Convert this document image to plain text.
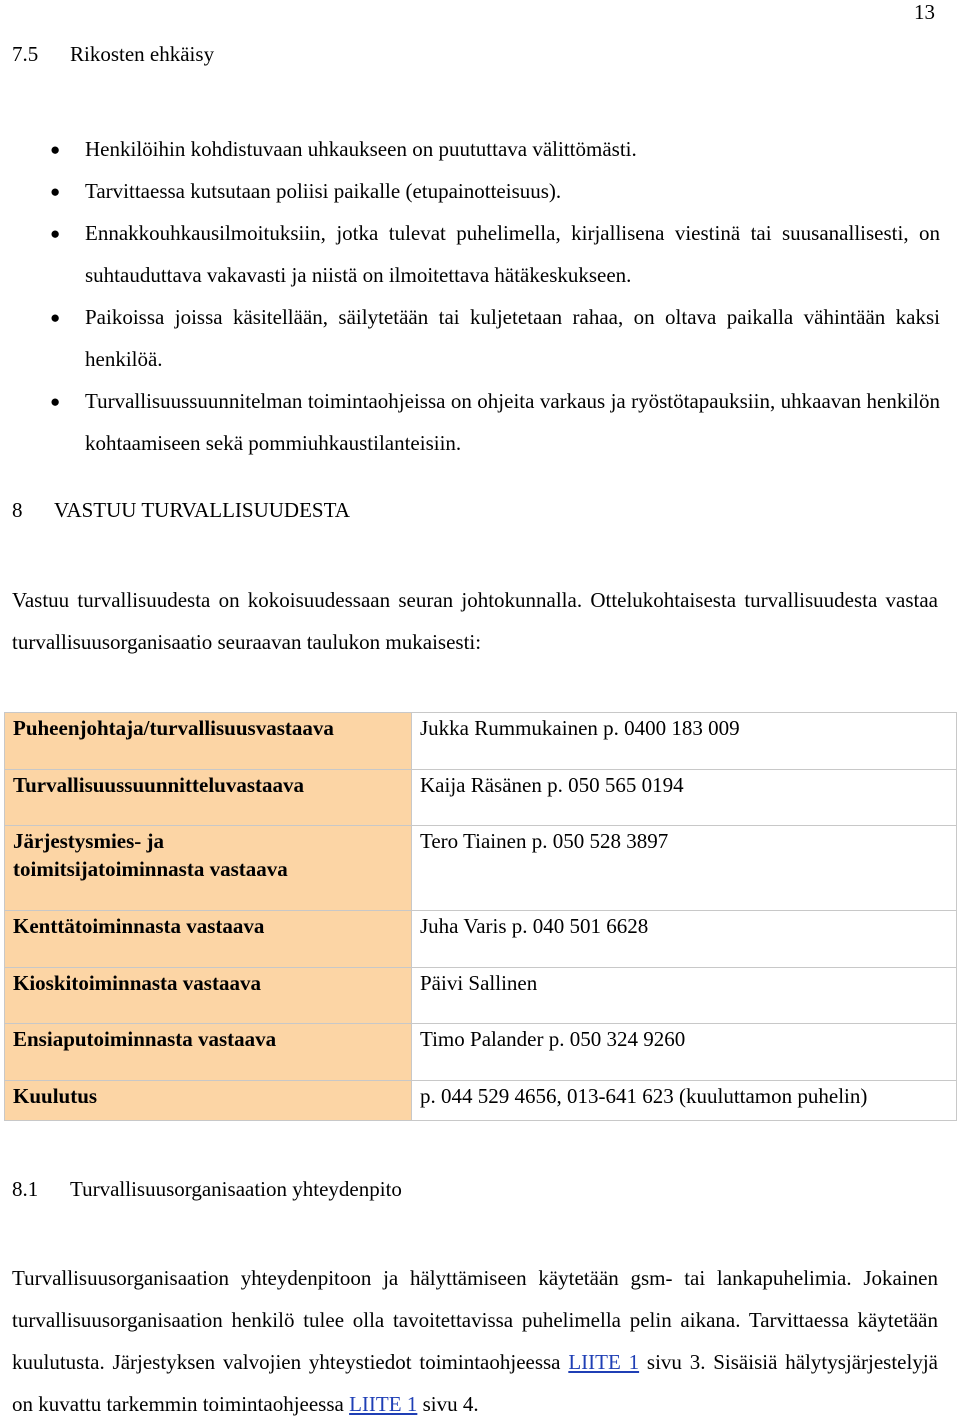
13
7.5 Rikosten ehkäisy
● Henkilöihin kohdistuvaan uhkaukseen on puututtava välittömästi.
● Tarvittaessa kutsutaan poliisi paikalle (etupainotteisuus).
● Ennakkouhkausilmoituksiin, jotka tulevat puhelimella, kirjallisena viestinä tai suusanallisesti, on suhtauduttava vakavasti ja niistä on ilmoitettava hätäkeskukseen.
● Paikoissa joissa käsitellään, säilytetään tai kuljetetaan rahaa, on oltava paikalla vähintään kaksi henkilöä.
● Turvallisuussuunnitelman toimintaohjeissa on ohjeita varkaus ja ryöstötapauksiin, uhkaavan henkilön kohtaamiseen sekä pommiuhkaustilanteisiin.
8 VASTUU TURVALLISUUDESTA

Vastuu turvallisuudesta on kokoisuudessaan seuran johtokunnalla. Ottelukohtaisesta turvallisuudesta vastaa turvallisuusorganisaatio seuraavan taulukon mukaisesti:

Puheenjohtaja/turvallisuusvastaava	Jukka Rummukainen p. 0400 183 009
Turvallisuussuunnitteluvastaava	Kaija Räsänen p. 050 565 0194
Järjestysmies- ja
toimitsijatoiminnasta vastaava	Tero Tiainen p. 050 528 3897
Kenttätoiminnasta vastaava	Juha Varis p. 040 501 6628
Kioskitoiminnasta vastaava	Päivi Sallinen
Ensiaputoiminnasta vastaava	Timo Palander p. 050 324 9260
Kuulutus	p. 044 529 4656, 013-641 623 (kuuluttamon puhelin)
8.1 Turvallisuusorganisaation yhteydenpito

Turvallisuusorganisaation yhteydenpitoon ja hälyttämiseen käytetään gsm- tai lankapuhelimia. Jokainen turvallisuusorganisaation henkilö tulee olla tavoitettavissa puhelimella pelin aikana. Tarvittaessa käytetään kuulutusta. Järjestyksen valvojien yhteystiedot toimintaohjeessa LIITE 1 sivu 3. Sisäisiä hälytysjärjestelyjä on kuvattu tarkemmin toimintaohjeessa LIITE 1 sivu 4.
